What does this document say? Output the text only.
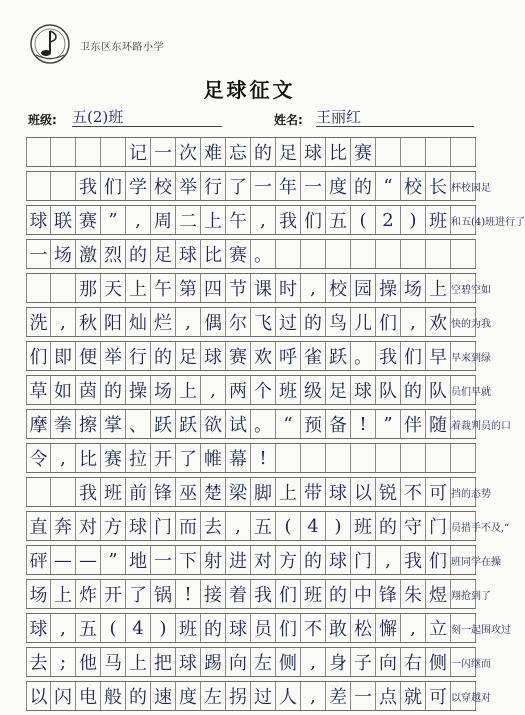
卫东区东环路小学
足球征文
班级: 五(2)班	姓名: 王丽红
记 一 次 难 忘 的 足 球 比 赛
我 们 学 校 举 行 了 一 年 一 度 的 “ 校 长 杯校园足
球 联 赛 ” , 周 二 上 午 , 我 们 五 ( 2 ) 班 和五(4)班进行了
一 场 激 烈 的 足 球 比 赛 。
那 天 上 午 第 四 节 课 时 , 校 园 操 场 上 空碧空如
洗 , 秋 阳 灿 烂 , 偶 尔 飞 过 的 鸟 儿 们 , 欢 快的为我
们 即 便 举 行 的 足 球 赛 欢 呼 雀 跃 。 我 们 早 早来到绿
草 如 茵 的 操 场 上 , 两 个 班 级 足 球 队 的 队 员们早就
摩 拳 擦 掌 、 跃 跃 欲 试 。 “ 预 备 ! ” 伴 随 着裁判员的口
令 , 比 赛 拉 开 了 帷 幕 !
我 班 前 锋 巫 楚 梁 脚 上 带 球 以 锐 不 可 挡的态势
直 奔 对 方 球 门 而 去 , 五 ( 4 ) 班 的 守 门 员措手不及,“
砰 — — ” 地 一 下 射 进 对 方 的 球 门 , 我 们 班同学在操
场 上 炸 开 了 锅 ! 接 着 我 们 班 的 中 锋 朱 煜 翔抢到了
球 , 五 ( 4 ) 班 的 球 员 们 不 敢 松 懈 , 立 刻一起围攻过
去 ; 他 马 上 把 球 踢 向 左 侧 , 身 子 向 右 侧 一闪继而
以 闪 电 般 的 速 度 左 拐 过 人 , 差 一 点 就 可 以穿越对
